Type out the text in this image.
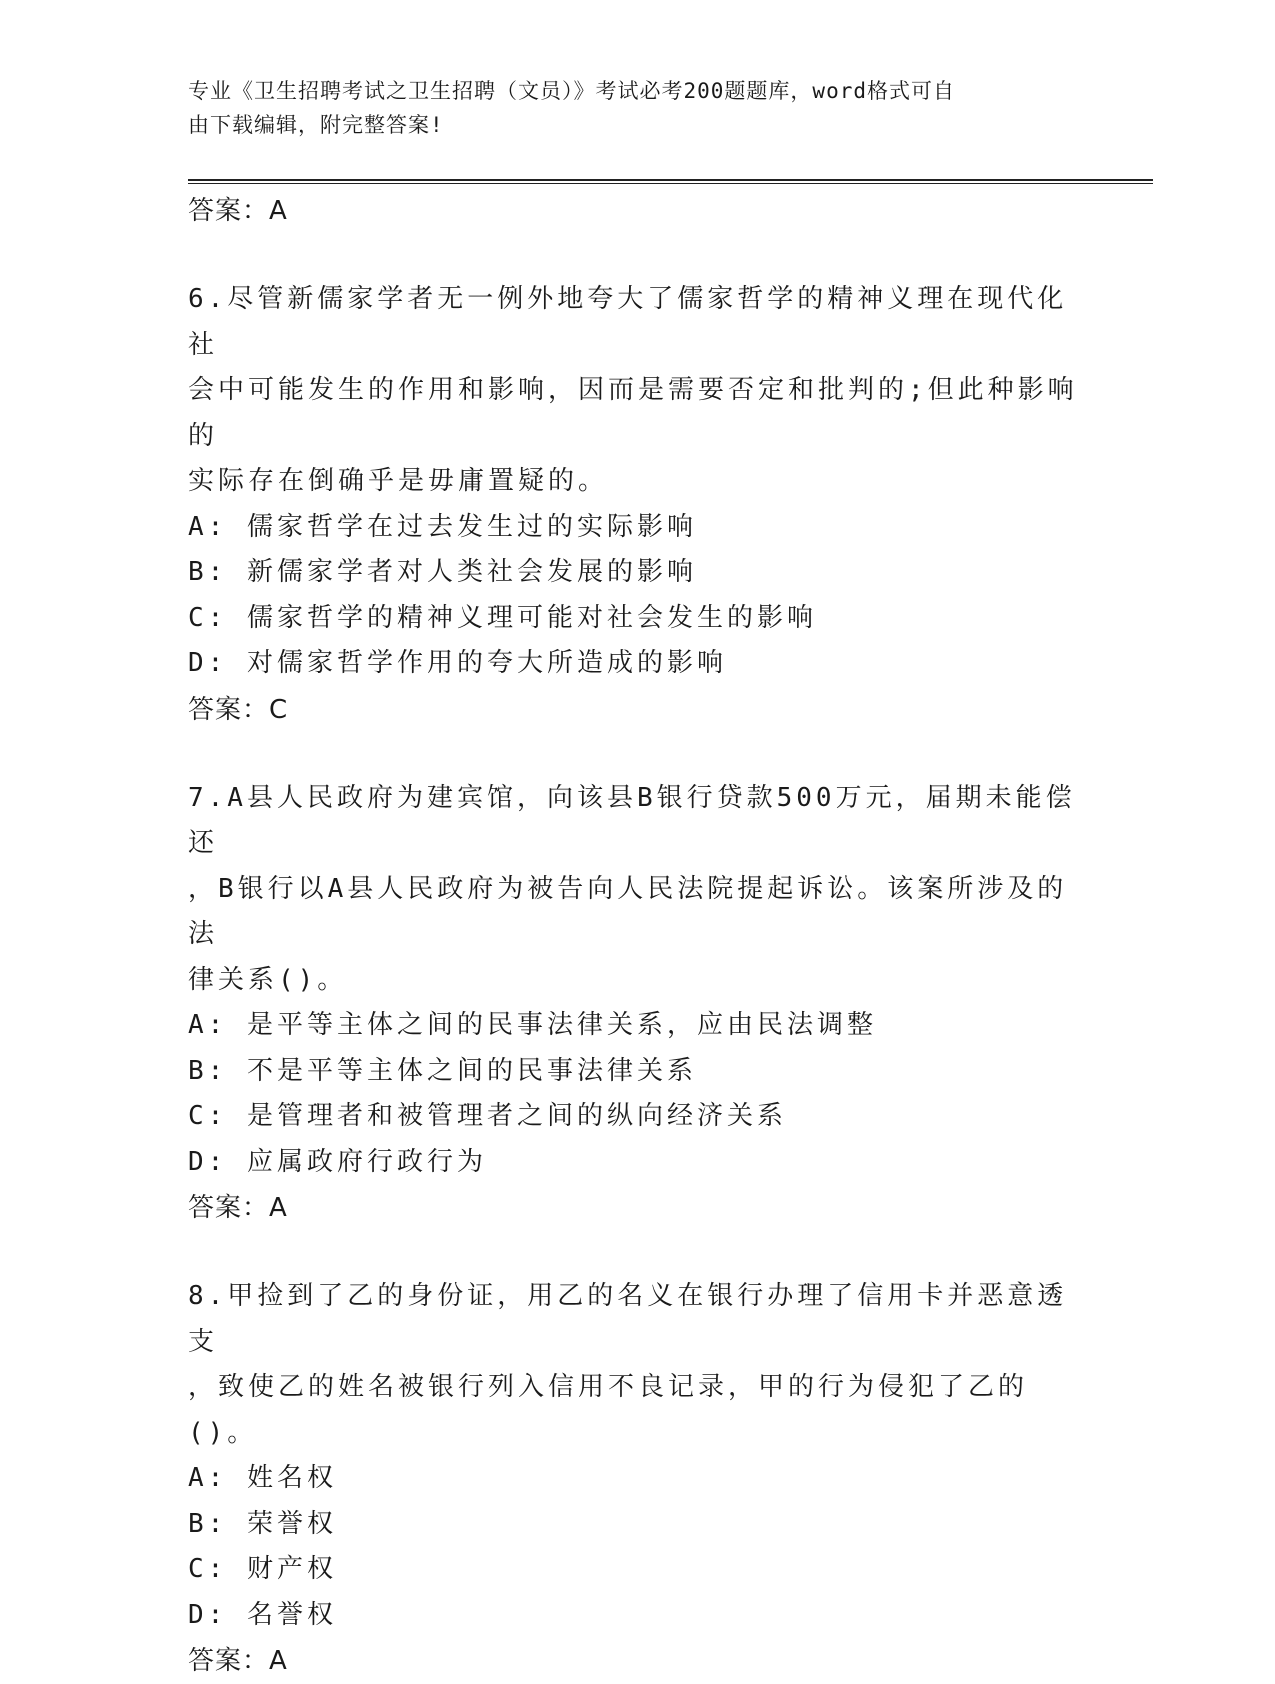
专业《卫生招聘考试之卫生招聘（文员）》考试必考200题题库，word格式可自
由下载编辑，附完整答案!
答案：A
6.尽管新儒家学者无一例外地夸大了儒家哲学的精神义理在现代化社
会中可能发生的作用和影响，因而是需要否定和批判的;但此种影响的
实际存在倒确乎是毋庸置疑的。
A: 儒家哲学在过去发生过的实际影响
B: 新儒家学者对人类社会发展的影响
C: 儒家哲学的精神义理可能对社会发生的影响
D: 对儒家哲学作用的夸大所造成的影响
答案：C
7.A县人民政府为建宾馆，向该县B银行贷款500万元，届期未能偿还
，B银行以A县人民政府为被告向人民法院提起诉讼。该案所涉及的法
律关系()。
A: 是平等主体之间的民事法律关系，应由民法调整
B: 不是平等主体之间的民事法律关系
C: 是管理者和被管理者之间的纵向经济关系
D: 应属政府行政行为
答案：A
8.甲捡到了乙的身份证，用乙的名义在银行办理了信用卡并恶意透支
，致使乙的姓名被银行列入信用不良记录，甲的行为侵犯了乙的()。
A: 姓名权
B: 荣誉权
C: 财产权
D: 名誉权
答案：A
